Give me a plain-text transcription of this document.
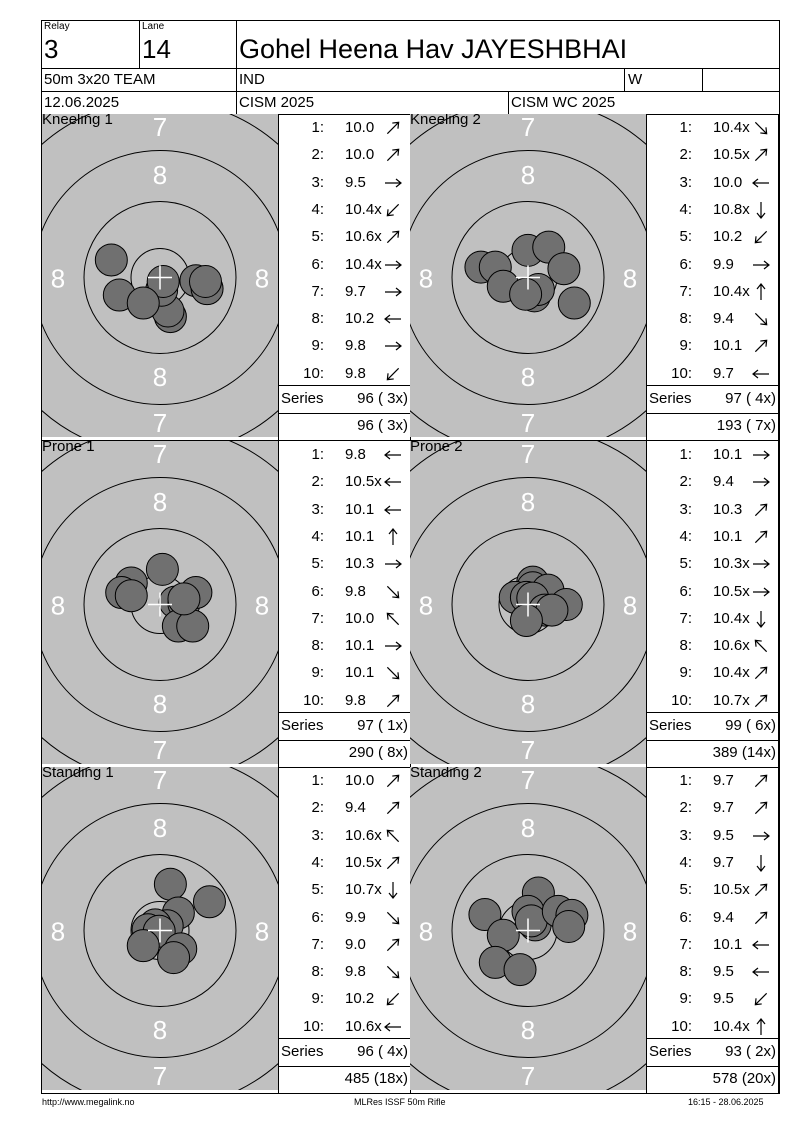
Relay
3
Lane
14	Gohel Heena Hav JAYESHBHAI
50m 3x20 TEAM	IND	W
12.06.2025	CISM 2025	CISM WC 2025
7
7
8
8
8	8
Kneeling 1	1: 10.0
2: 10.0
3: 9.5
4: 10.4x
5: 10.6x
6: 10.4x
7: 9.7
8: 10.2
9: 9.8
10: 9.8
Series	96 ( 3x)
96 ( 3x)
7
7
8
8
8	8
Kneeling 2	1: 10.4x
2: 10.5x
3: 10.0
4: 10.8x
5: 10.2
6: 9.9
7: 10.4x
8: 9.4
9: 10.1
10: 9.7
Series	97 ( 4x)
193 ( 7x)
7
7
8
8
8	8
Prone 1	1: 9.8
2: 10.5x
3: 10.1
4: 10.1
5: 10.3
6: 9.8
7: 10.0
8: 10.1
9: 10.1
10: 9.8
Series	97 ( 1x)
290 ( 8x)
7
7
8
8
8	8
Prone 2	1: 10.1
2: 9.4
3: 10.3
4: 10.1
5: 10.3x
6: 10.5x
7: 10.4x
8: 10.6x
9: 10.4x
10: 10.7x
Series	99 ( 6x)
389 (14x)
7
7
8
8
8	8
Standing 1	1: 10.0
2: 9.4
3: 10.6x
4: 10.5x
5: 10.7x
6: 9.9
7: 9.0
8: 9.8
9: 10.2
10: 10.6x
Series	96 ( 4x)
485 (18x)
7
7
8
8
8	8
Standing 2	1: 9.7
2: 9.7
3: 9.5
4: 9.7
5: 10.5x
6: 9.4
7: 10.1
8: 9.5
9: 9.5
10: 10.4x
Series	93 ( 2x)
578 (20x)
http://www.megalink.no	MLRes ISSF 50m Rifle	16:15 - 28.06.2025
